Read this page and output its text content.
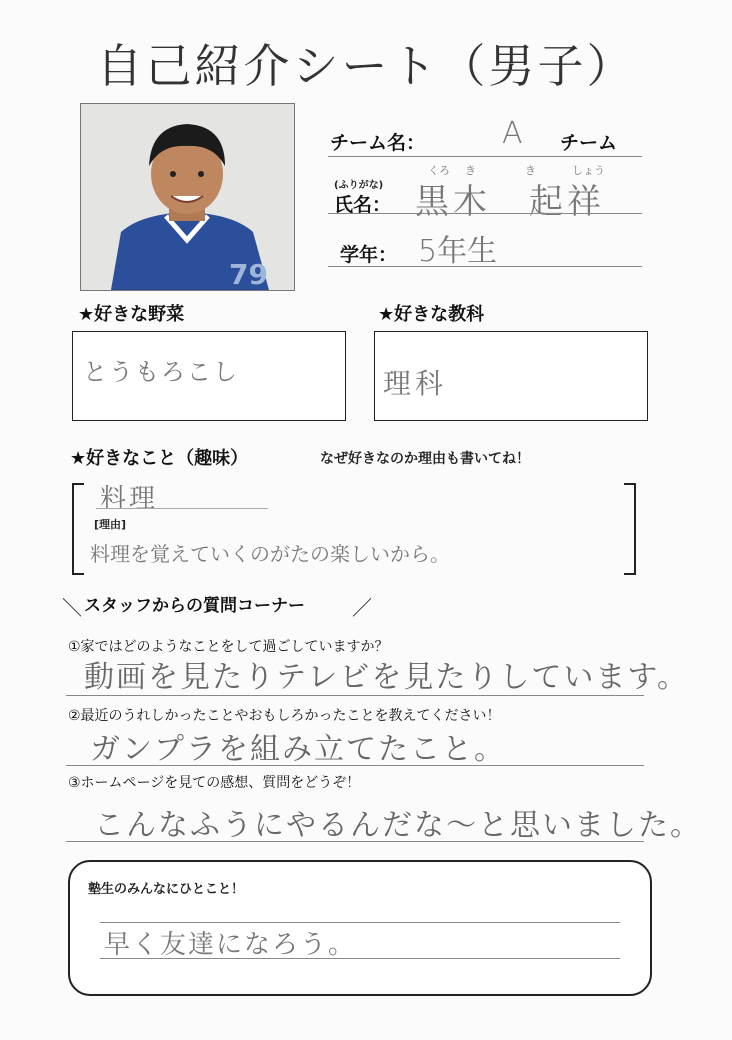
自己紹介シート（男子）
79
チーム名：	A チーム
(ふりがな)
氏名：
くろ き	き	しょう
黒木　起祥
学年： 5年生
★好きな野菜
とうもろこし
★好きな教科
理科
★好きなこと（趣味）	なぜ好きなのか理由も書いてね！
料理
[理由]
料理を覚えていくのがたの楽しいから。
＼ スタッフからの質問コーナー ／
①家ではどのようなことをして過ごしていますか？
動画を見たりテレビを見たりしています。
②最近のうれしかったことやおもしろかったことを教えてください！
ガンプラを組み立てたこと。
③ホームページを見ての感想、質問をどうぞ！
こんなふうにやるんだな～と思いました。
塾生のみんなにひとこと！
早く友達になろう。
